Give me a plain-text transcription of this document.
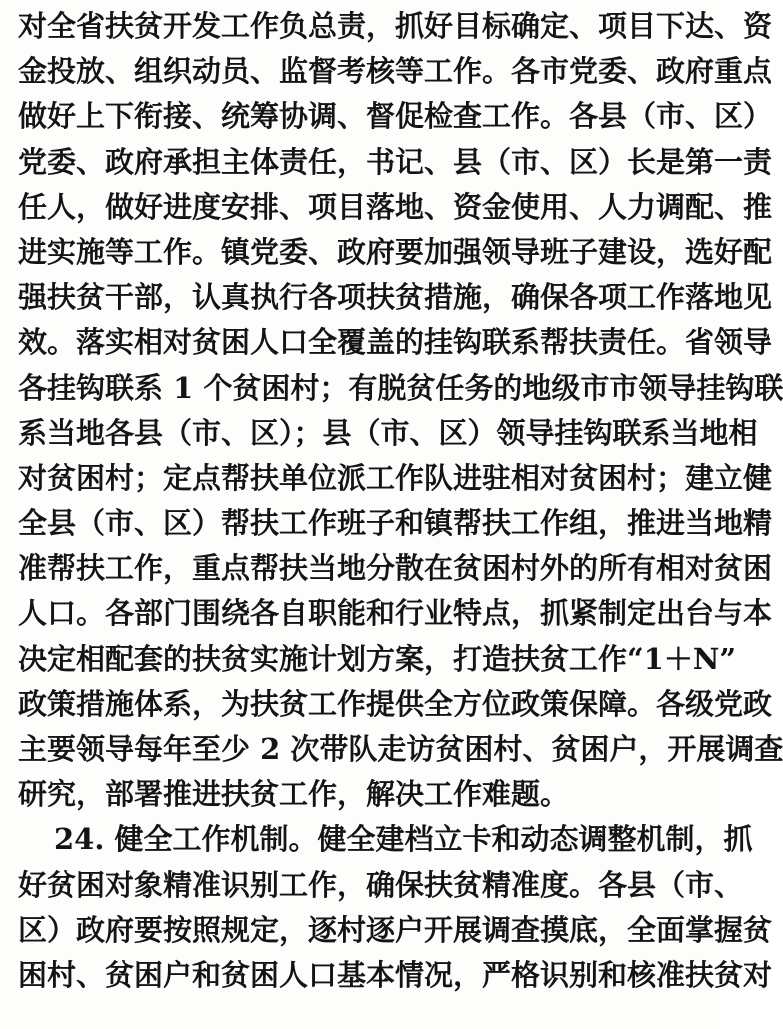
对全省扶贫开发工作负总责，抓好目标确定、项目下达、资
金投放、组织动员、监督考核等工作。各市党委、政府重点
做好上下衔接、统筹协调、督促检查工作。各县（市、区）
党委、政府承担主体责任，书记、县（市、区）长是第一责
任人，做好进度安排、项目落地、资金使用、人力调配、推
进实施等工作。镇党委、政府要加强领导班子建设，选好配
强扶贫干部，认真执行各项扶贫措施，确保各项工作落地见
效。落实相对贫困人口全覆盖的挂钩联系帮扶责任。省领导
各挂钩联系 1 个贫困村；有脱贫任务的地级市市领导挂钩联
系当地各县（市、区）；县（市、区）领导挂钩联系当地相
对贫困村；定点帮扶单位派工作队进驻相对贫困村；建立健
全县（市、区）帮扶工作班子和镇帮扶工作组，推进当地精
准帮扶工作，重点帮扶当地分散在贫困村外的所有相对贫困
人口。各部门围绕各自职能和行业特点，抓紧制定出台与本
决定相配套的扶贫实施计划方案，打造扶贫工作“1＋N”
政策措施体系，为扶贫工作提供全方位政策保障。各级党政
主要领导每年至少 2 次带队走访贫困村、贫困户，开展调查
研究，部署推进扶贫工作，解决工作难题。
24. 健全工作机制。健全建档立卡和动态调整机制，抓
好贫困对象精准识别工作，确保扶贫精准度。各县（市、
区）政府要按照规定，逐村逐户开展调查摸底，全面掌握贫
困村、贫困户和贫困人口基本情况，严格识别和核准扶贫对
